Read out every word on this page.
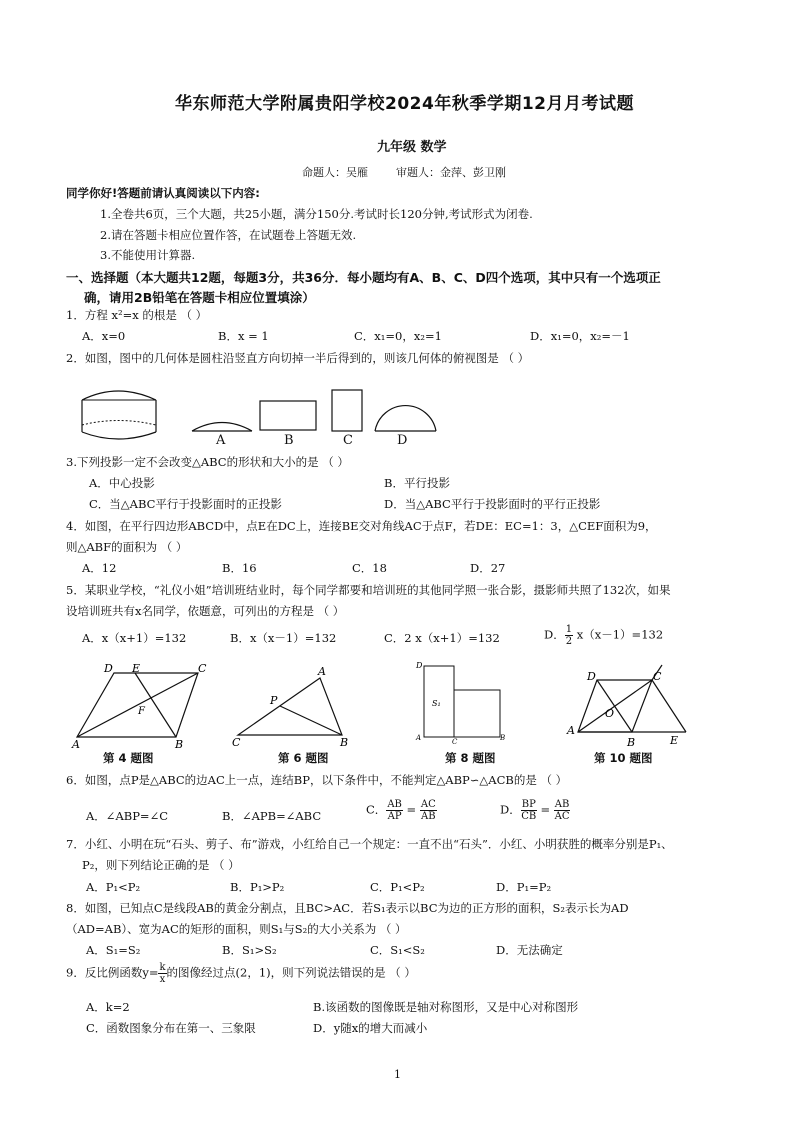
华东师范大学附属贵阳学校2024年秋季学期12月月考试题
九年级 数学
命题人：吴雁        审题人：金萍、彭卫刚
同学你好!答题前请认真阅读以下内容:
1.全卷共6页，三个大题，共25小题，满分150分.考试时长120分钟,考试形式为闭卷.
2.请在答题卡相应位置作答，在试题卷上答题无效.
3.不能使用计算器.
一、选择题（本大题共12题，每题3分，共36分．每小题均有A、B、C、D四个选项，其中只有一个选项正
确，请用2B铅笔在答题卡相应位置填涂）
1．方程 x²=x 的根是 （ ）
A．x=0	B．x = 1	C．x₁=0，x₂=1	D．x₁=0，x₂=－1
2．如图，图中的几何体是圆柱沿竖直方向切掉一半后得到的，则该几何体的俯视图是 （ ）
A	B	C	D
3.下列投影一定不会改变△ABC的形状和大小的是 （ ）
A．中心投影	B．平行投影
C．当△ABC平行于投影面时的正投影	D．当△ABC平行于投影面时的平行正投影
4．如图，在平行四边形ABCD中，点E在DC上，连接BE交对角线AC于点F，若DE：EC=1：3，△CEF面积为9，
则△ABF的面积为 （ ）
A．12	B．16	C．18	D．27
5．某职业学校，“礼仪小姐”培训班结业时，每个同学都要和培训班的其他同学照一张合影，摄影师共照了132次，如果
设培训班共有x名同学，依题意，可列出的方程是 （ ）
A．x（x+1）=132	B．x（x－1）=132	C．2 x（x+1）=132	D． $\frac{1}{2} x(x-1)=132$
D E	C
F
A	B
A
P
C	B
D
S₁
A	C	B
D	C
O
A
B	E
第 4 题图	第 6 题图	第 8 题图	第 10 题图
6．如图，点P是△ABC的边AC上一点，连结BP，以下条件中，不能判定△ABP∽△ACB的是 （ ）
A．∠ABP=∠C	B．∠APB=∠ABC	C． $\frac{AB}{AP} = \frac{AC}{AB}$	D． $\frac{BP}{CB} = \frac{AB}{AC}$
7．小红、小明在玩“石头、剪子、布”游戏，小红给自己一个规定：一直不出“石头”．小红、小明获胜的概率分别是P₁、
P₂，则下列结论正确的是 （ ）
A．P₁<P₂	B．P₁>P₂	C．P₁<P₂	D．P₁=P₂
8．如图，已知点C是线段AB的黄金分割点，且BC>AC．若S₁表示以BC为边的正方形的面积，S₂表示长为AD
（AD=AB）、宽为AC的矩形的面积，则S₁与S₂的大小关系为 （ ）
A．S₁=S₂	B．S₁>S₂	C．S₁<S₂	D．无法确定
9．反比例函数$y= \frac{k}{x}$ 的图像经过点(2，1)，则下列说法错误的是 （ ）
A．k=2	B.该函数的图像既是轴对称图形，又是中心对称图形
C．函数图象分布在第一、三象限	D．y随x的增大而减小
1
